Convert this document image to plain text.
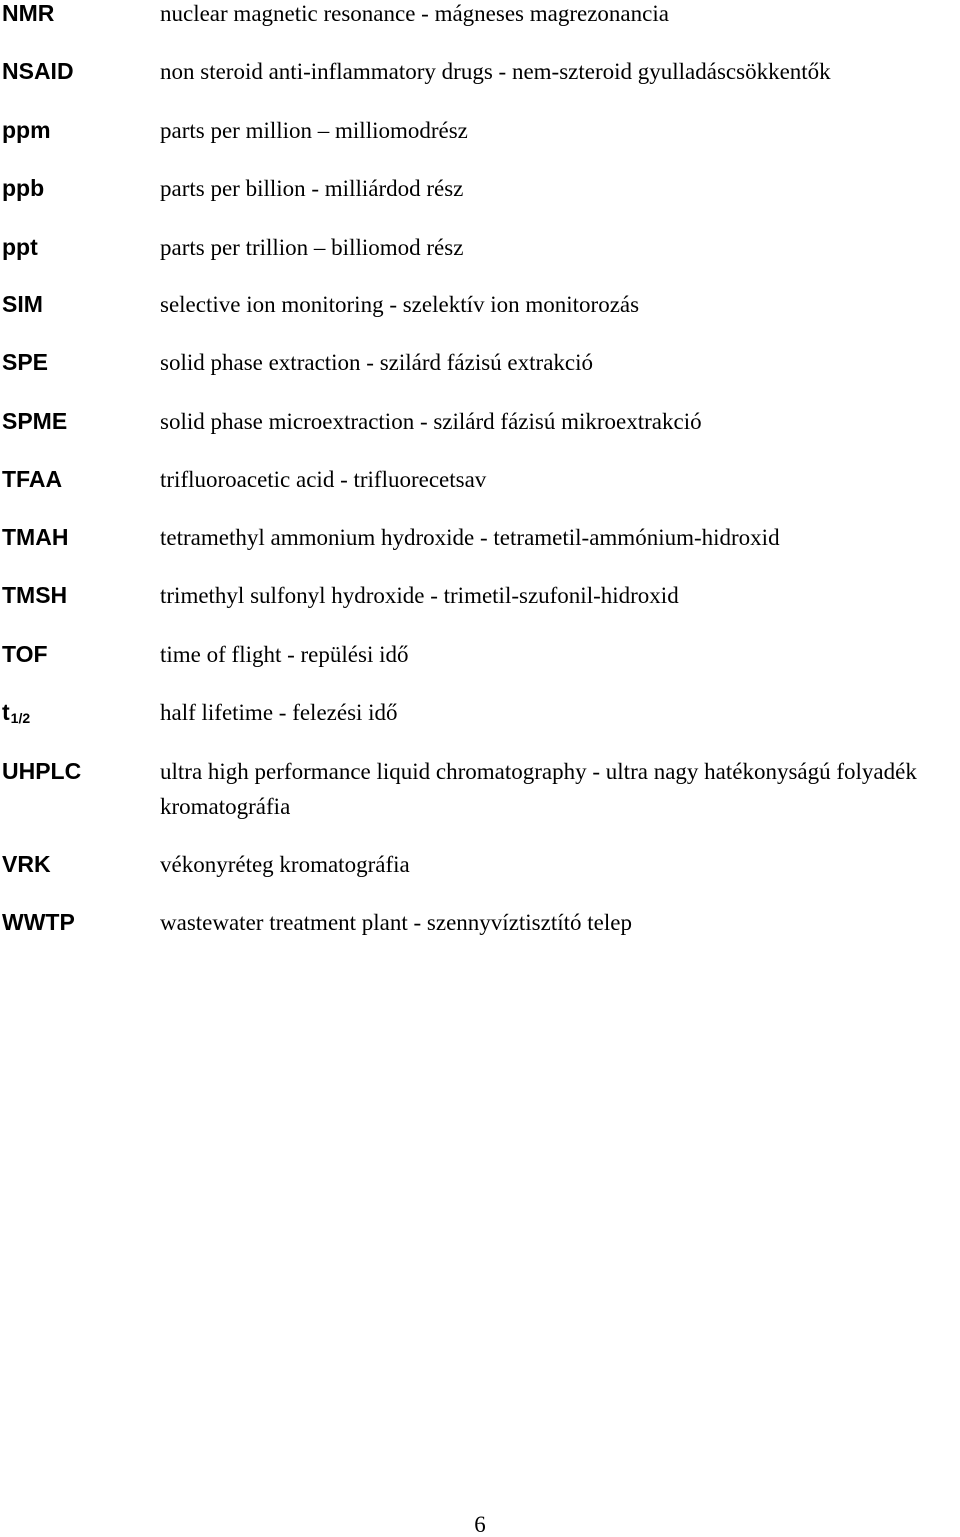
NMR	nuclear magnetic resonance - mágneses magrezonancia
NSAID	non steroid anti-inflammatory drugs - nem-szteroid gyulladáscsökkentők
ppm	parts per million – milliomodrész
ppb	parts per billion - milliárdod rész
ppt	parts per trillion – billiomod rész
SIM	selective ion monitoring - szelektív ion monitorozás
SPE	solid phase extraction - szilárd fázisú extrakció
SPME	solid phase microextraction - szilárd fázisú mikroextrakció
TFAA	trifluoroacetic acid - trifluorecetsav
TMAH	tetramethyl ammonium hydroxide - tetrametil-ammónium-hidroxid
TMSH	trimethyl sulfonyl hydroxide - trimetil-szufonil-hidroxid
TOF	time of flight - repülési idő
$t_{1/2}$	half lifetime - felezési idő
UHPLC	ultra high performance liquid chromatography - ultra nagy hatékonyságú folyadék kromatográfia
VRK	vékonyréteg kromatográfia
WWTP	wastewater treatment plant - szennyvíztisztító telep
6
